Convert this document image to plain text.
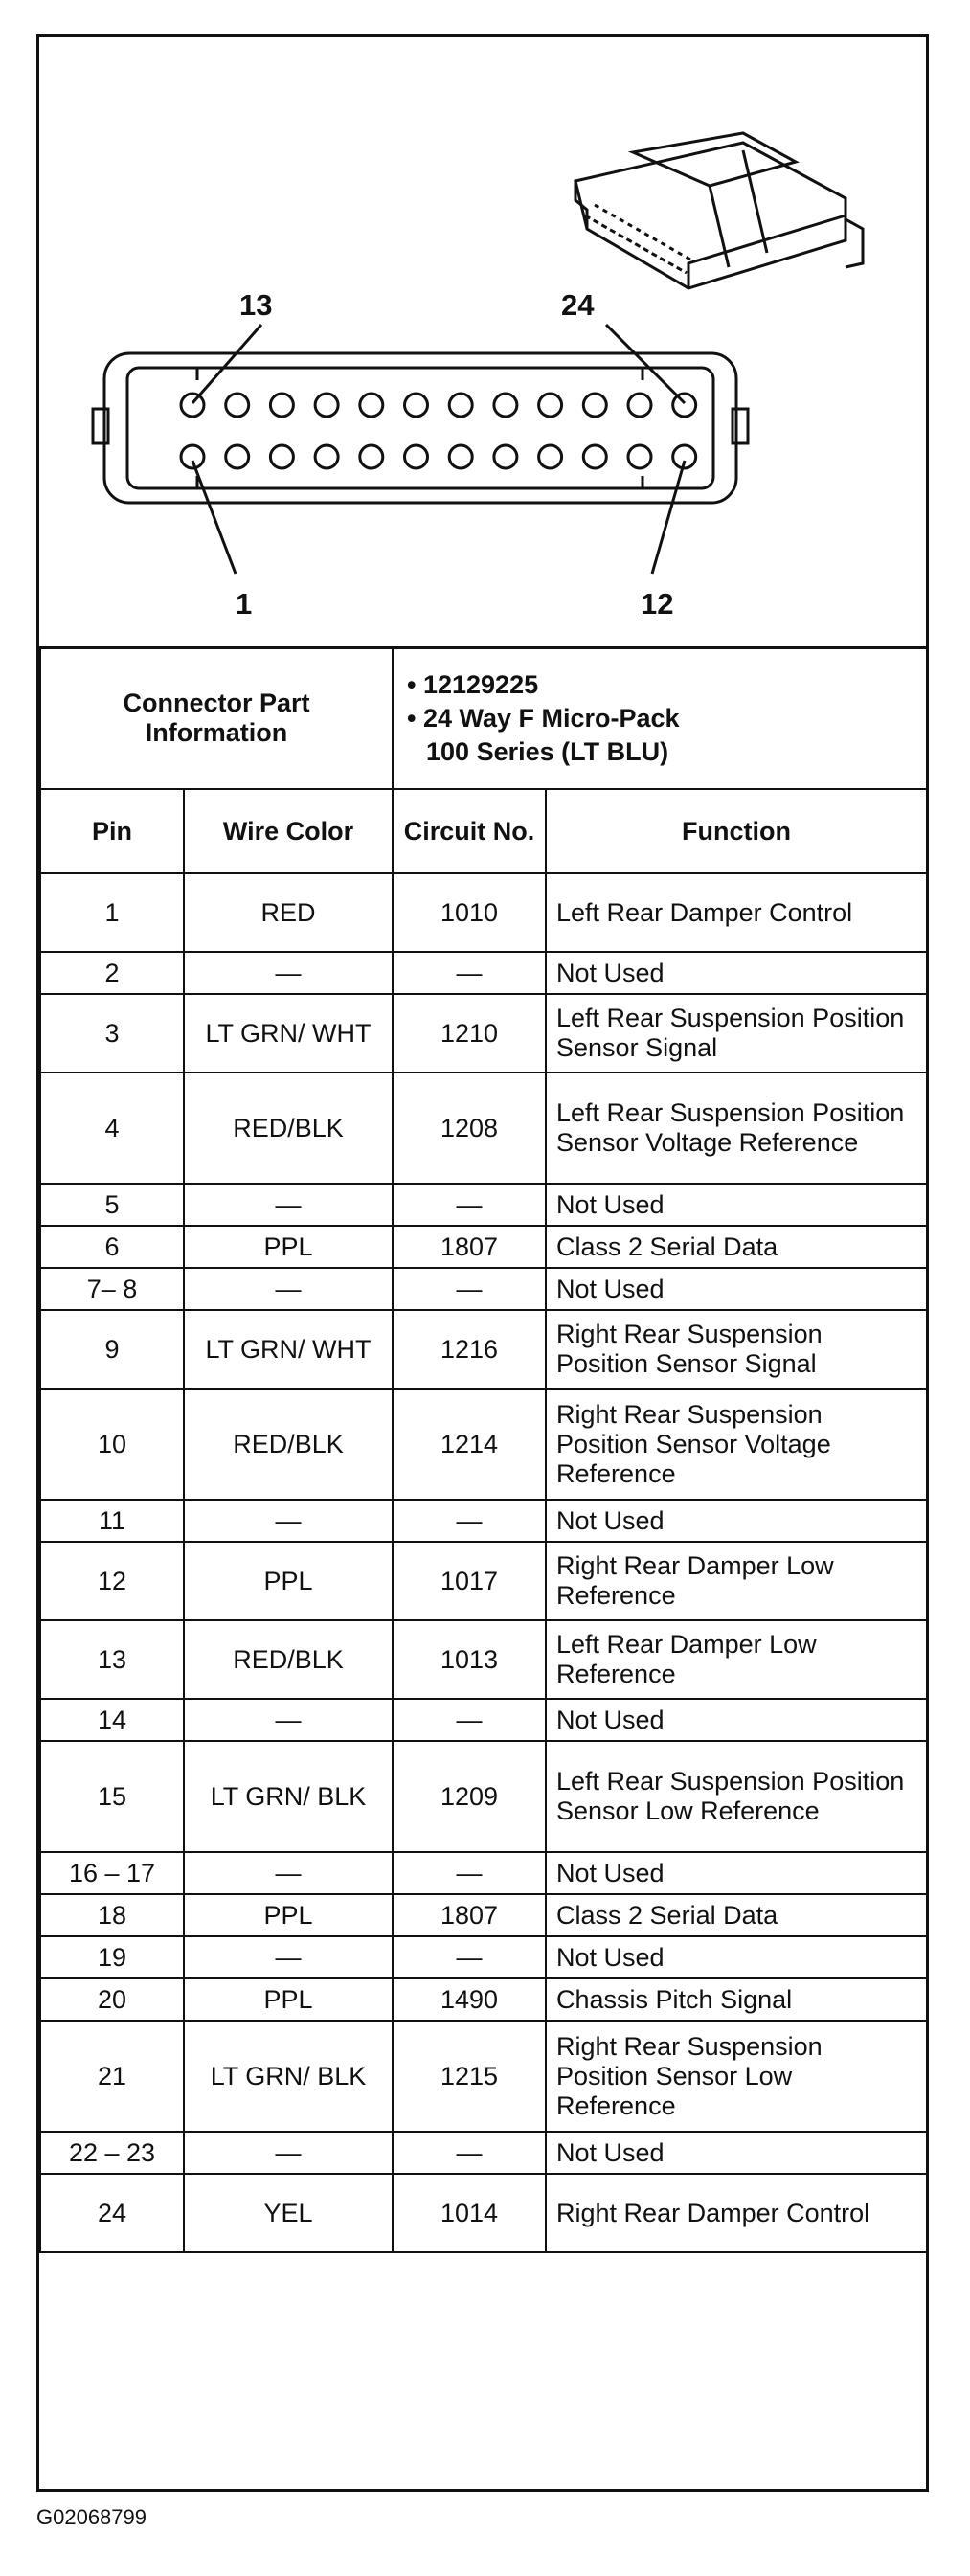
13	24
1	12
Connector Part Information		• 12129225
• 24 Way F Micro-Pack
100 Series (LT BLU)	

Pin	Wire Color	Circuit No.	Function
1	RED	1010	Left Rear Damper Control
2	—	—	Not Used
3	LT GRN/ WHT	1210	Left Rear Suspension Position Sensor Signal
4	RED/BLK	1208	Left Rear Suspension Position Sensor Voltage Reference
5	—	—	Not Used
6	PPL	1807	Class 2 Serial Data
7– 8	—	—	Not Used
9	LT GRN/ WHT	1216	Right Rear Suspension Position Sensor Signal
10	RED/BLK	1214	Right Rear Suspension Position Sensor Voltage Reference
11	—	—	Not Used
12	PPL	1017	Right Rear Damper Low Reference
13	RED/BLK	1013	Left Rear Damper Low Reference
14	—	—	Not Used
15	LT GRN/ BLK	1209	Left Rear Suspension Position Sensor Low Reference
16 – 17	—	—	Not Used
18	PPL	1807	Class 2 Serial Data
19	—	—	Not Used
20	PPL	1490	Chassis Pitch Signal
21	LT GRN/ BLK	1215	Right Rear Suspension Position Sensor Low Reference
22 – 23	—	—	Not Used
24	YEL	1014	Right Rear Damper Control
G02068799
